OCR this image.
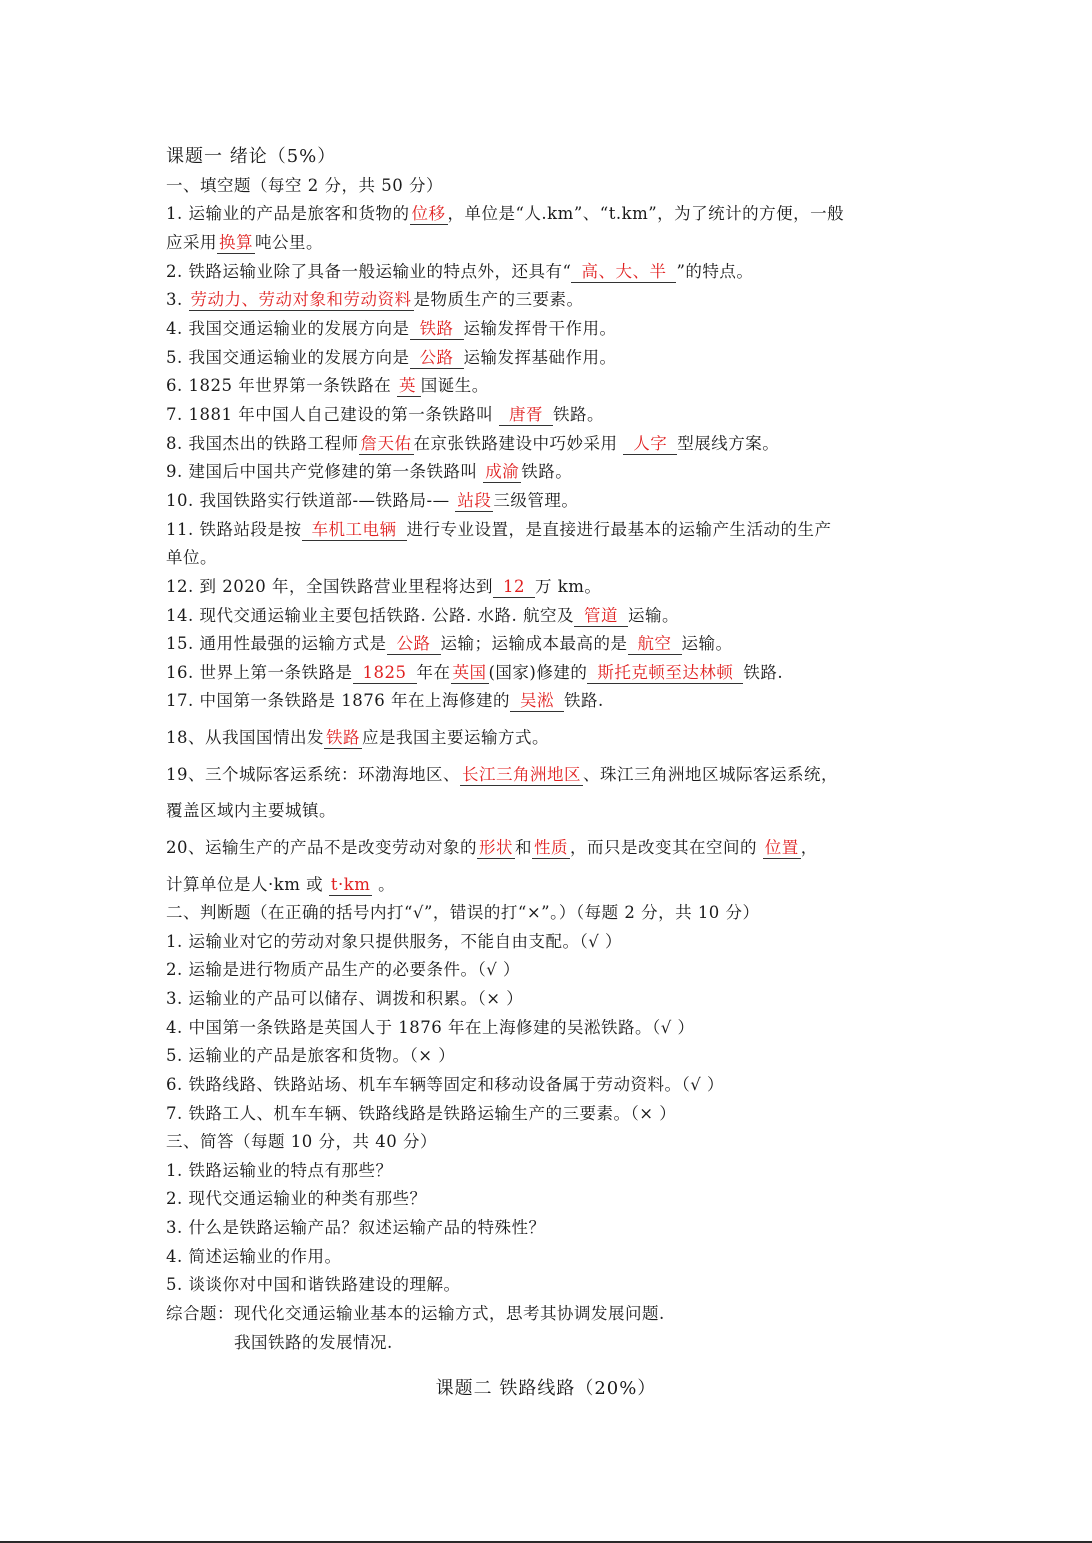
课题一 绪论（5%）
一、填空题（每空 2 分，共 50 分）
1. 运输业的产品是旅客和货物的 位移 ，单位是“人.km”、“t.km”，为了统计的方便，一般
应采用 换算 吨公里。
2. 铁路运输业除了具备一般运输业的特点外，还具有“ 高、大、半 ”的特点。
3. 劳动力、劳动对象和劳动资料 是物质生产的三要素。
4. 我国交通运输业的发展方向是 铁路 运输发挥骨干作用。
5. 我国交通运输业的发展方向是 公路 运输发挥基础作用。
6. 1825 年世界第一条铁路在 英 国诞生。
7. 1881 年中国人自己建设的第一条铁路叫 唐胥 铁路。
8. 我国杰出的铁路工程师 詹天佑 在京张铁路建设中巧妙采用 人字 型展线方案。
9. 建国后中国共产党修建的第一条铁路叫 成渝 铁路。
10. 我国铁路实行铁道部-—铁路局-— 站段 三级管理。
11. 铁路站段是按 车机工电辆 进行专业设置，是直接进行最基本的运输产生活动的生产
单位。
12. 到 2020 年，全国铁路营业里程将达到 12 万 km。
14. 现代交通运输业主要包括铁路. 公路. 水路. 航空及 管道 运输。
15. 通用性最强的运输方式是 公路 运输；运输成本最高的是 航空 运输。
16. 世界上第一条铁路是 1825 年在 英国 (国家)修建的 斯托克顿至达林顿 铁路.
17. 中国第一条铁路是 1876 年在上海修建的 吴淞 铁路.
18、从我国国情出发 铁路 应是我国主要运输方式。
19、三个城际客运系统：环渤海地区、 长江三角洲地区 、珠江三角洲地区城际客运系统，
覆盖区域内主要城镇。
20、运输生产的产品不是改变劳动对象的 形状 和 性质 ，而只是改变其在空间的 位置 ，
计算单位是人·km 或 t·km 。
二、判断题（在正确的括号内打“√”，错误的打“×”。）（每题 2 分，共 10 分）
1. 运输业对它的劳动对象只提供服务，不能自由支配。（√ ）
2. 运输是进行物质产品生产的必要条件。（√ ）
3. 运输业的产品可以储存、调拨和积累。（× ）
4. 中国第一条铁路是英国人于 1876 年在上海修建的吴淞铁路。（√ ）
5. 运输业的产品是旅客和货物。（× ）
6. 铁路线路、铁路站场、机车车辆等固定和移动设备属于劳动资料。（√ ）
7. 铁路工人、机车车辆、铁路线路是铁路运输生产的三要素。（× ）
三、简答（每题 10 分，共 40 分）
1. 铁路运输业的特点有那些？
2. 现代交通运输业的种类有那些？
3. 什么是铁路运输产品？叙述运输产品的特殊性？
4. 简述运输业的作用。
5. 谈谈你对中国和谐铁路建设的理解。
综合题：现代化交通运输业基本的运输方式，思考其协调发展问题.
我国铁路的发展情况.
课题二 铁路线路（20%）
